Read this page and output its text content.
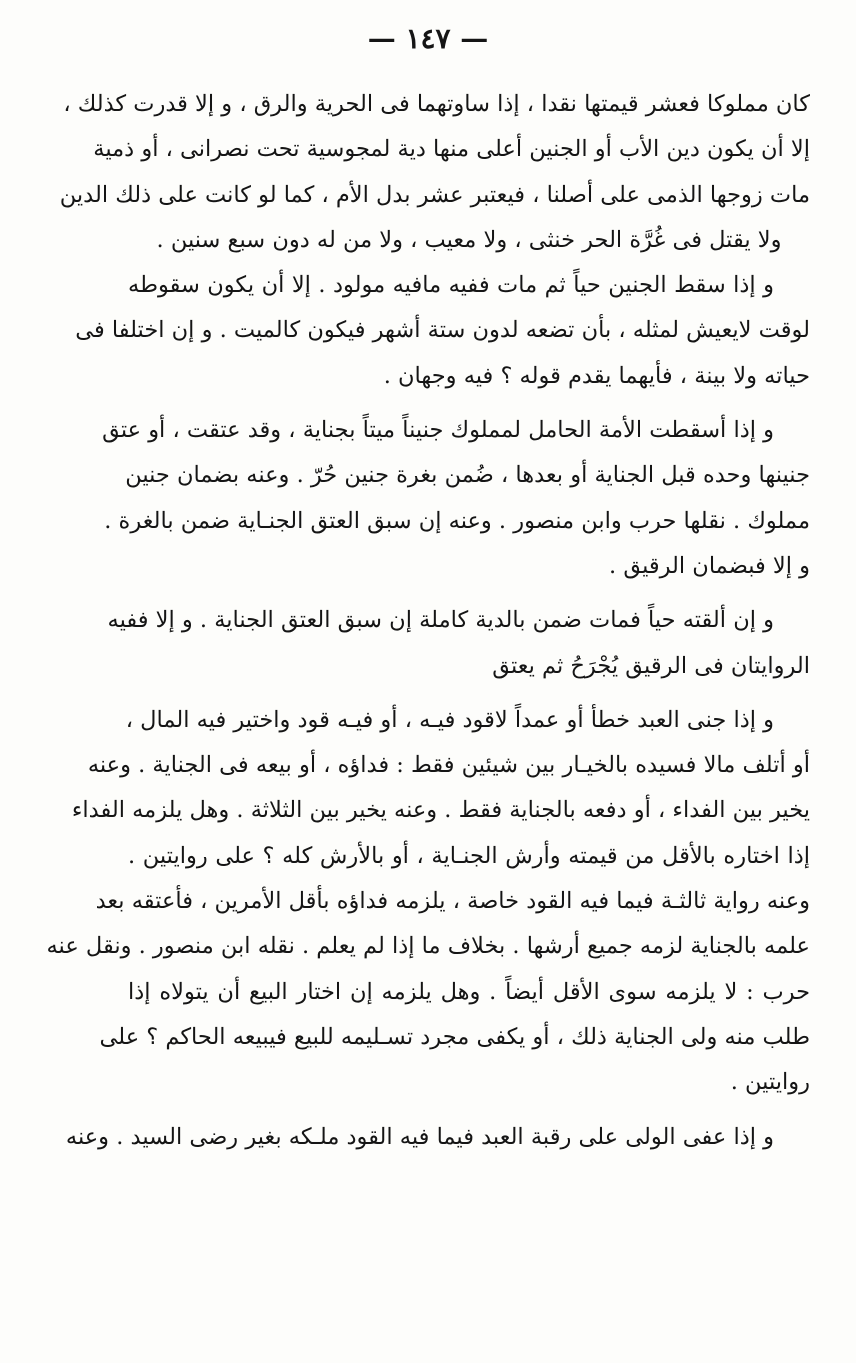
— ١٤٧ —
كان مملوكا فعشر قيمتها نقدا ، إذا ساوتهما فى الحرية والرق ، و إلا قدرت كذلك ،
إلا أن يكون دين الأب أو الجنين أعلى منها دية لمجوسية تحت نصرانى ، أو ذمية
مات زوجها الذمى على أصلنا ، فيعتبر عشر بدل الأم ، كما لو كانت على ذلك الدين
ولا يقتل فى غُرَّة الحر خنثى ، ولا معيب ، ولا من له دون سبع سنين .
و إذا سقط الجنين حياً ثم مات ففيه مافيه مولود . إلا أن يكون سقوطه
لوقت لايعيش لمثله ، بأن تضعه لدون ستة أشهر فيكون كالميت . و إن اختلفا فى
حياته ولا بينة ، فأيهما يقدم قوله ؟ فيه وجهان .
و إذا أسقطت الأمة الحامل لمملوك جنيناً ميتاً بجناية ، وقد عتقت ، أو عتق
جنينها وحده قبل الجناية أو بعدها ، ضُمن بغرة جنين حُرّ . وعنه بضمان جنين
مملوك . نقلها حرب وابن منصور . وعنه إن سبق العتق الجنـاية ضمن بالغرة .
و إلا فبضمان الرقيق .
و إن ألقته حياً فمات ضمن بالدية كاملة إن سبق العتق الجناية . و إلا ففيه
الروايتان فى الرقيق يُجْرَحُ ثم يعتق
و إذا جنى العبد خطأ أو عمداً لاقود فيـه ، أو فيـه قود واختير فيه المال ،
أو أتلف مالا فسيده بالخيـار بين شيئين فقط : فداؤه ، أو بيعه فى الجناية . وعنه
يخير بين الفداء ، أو دفعه بالجناية فقط . وعنه يخير بين الثلاثة . وهل يلزمه الفداء
إذا اختاره بالأقل من قيمته وأرش الجنـاية ، أو بالأرش كله ؟ على روايتين .
وعنه رواية ثالثـة فيما فيه القود خاصة ، يلزمه فداؤه بأقل الأمرين ، فأعتقه بعد
علمه بالجناية لزمه جميع أرشها . بخلاف ما إذا لم يعلم . نقله ابن منصور . ونقل عنه
حرب : لا يلزمه سوى الأقل أيضاً . وهل يلزمه إن اختار البيع أن يتولاه إذا
طلب منه ولى الجناية ذلك ، أو يكفى مجرد تسـليمه للبيع فيبيعه الحاكم ؟ على
روايتين .
و إذا عفى الولى على رقبة العبد فيما فيه القود ملـكه بغير رضى السيد . وعنه
